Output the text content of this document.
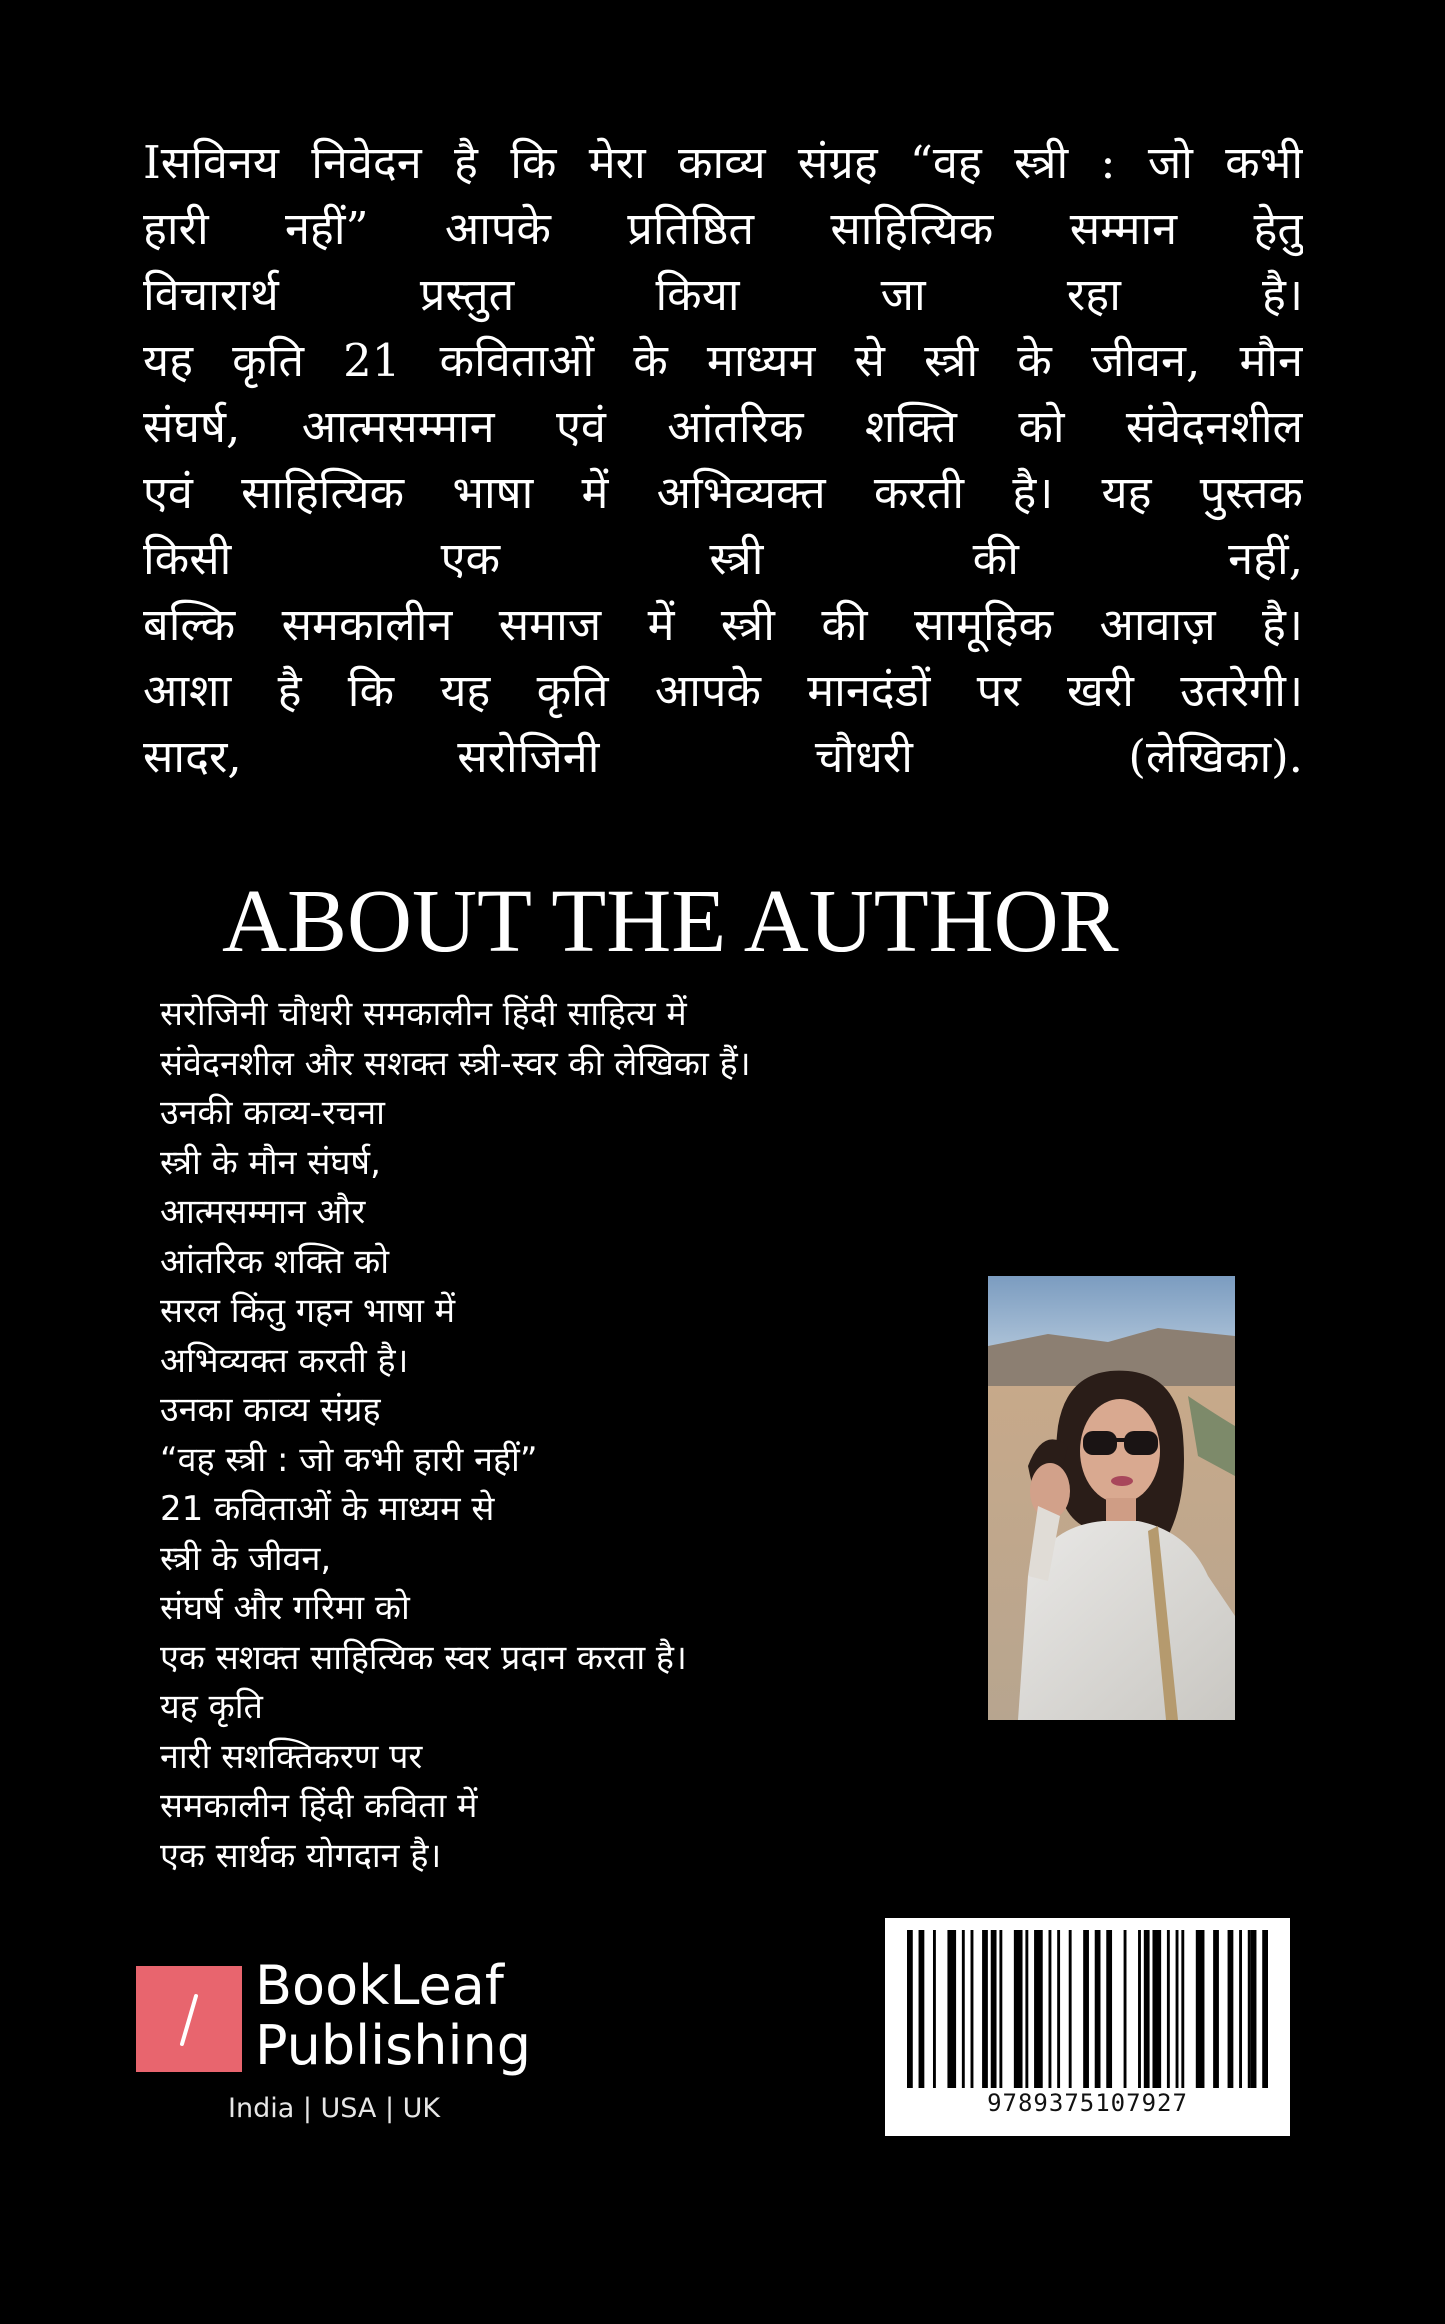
Iसविनय निवेदन है कि मेरा काव्य संग्रह “वह स्त्री : जो कभी
हारी नहीं” आपके प्रतिष्ठित साहित्यिक सम्मान हेतु
विचारार्थ प्रस्तुत किया जा रहा है।
यह कृति 21 कविताओं के माध्यम से स्त्री के जीवन, मौन
संघर्ष, आत्मसम्मान एवं आंतरिक शक्ति को संवेदनशील
एवं साहित्यिक भाषा में अभिव्यक्त करती है। यह पुस्तक
किसी एक स्त्री की नहीं,
बल्कि समकालीन समाज में स्त्री की सामूहिक आवाज़ है।
आशा है कि यह कृति आपके मानदंडों पर खरी उतरेगी।
सादर, सरोजिनी चौधरी (लेखिका).
ABOUT THE AUTHOR
सरोजिनी चौधरी समकालीन हिंदी साहित्य में
संवेदनशील और सशक्त स्त्री-स्वर की लेखिका हैं।
उनकी काव्य-रचना
स्त्री के मौन संघर्ष,
आत्मसम्मान और
आंतरिक शक्ति को
सरल किंतु गहन भाषा में
अभिव्यक्त करती है।
उनका काव्य संग्रह
“वह स्त्री : जो कभी हारी नहीं”
21 कविताओं के माध्यम से
स्त्री के जीवन,
संघर्ष और गरिमा को
एक सशक्त साहित्यिक स्वर प्रदान करता है।
यह कृति
नारी सशक्तिकरण पर
समकालीन हिंदी कविता में
एक सार्थक योगदान है।
BookLeaf
Publishing
India | USA | UK	9789375107927
